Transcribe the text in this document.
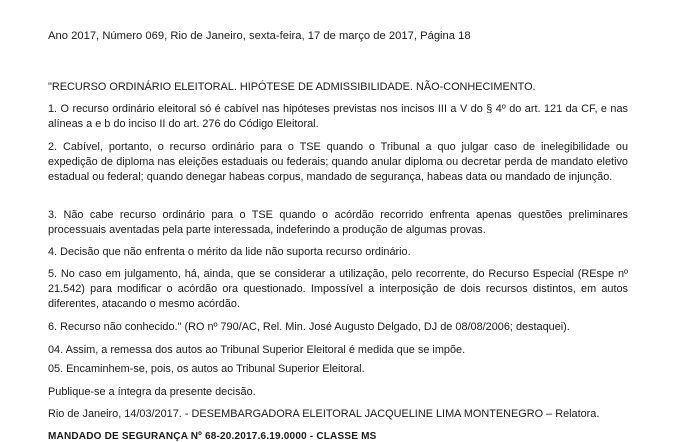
Ano 2017, Número 069, Rio de Janeiro, sexta-feira, 17 de março de 2017, Página 18
"RECURSO ORDINÁRIO ELEITORAL. HIPÓTESE DE ADMISSIBILIDADE. NÃO-CONHECIMENTO.
1. O recurso ordinário eleitoral só é cabível nas hipóteses previstas nos incisos III a V do § 4º do art. 121 da CF, e nas alíneas a e b do inciso II do art. 276 do Código Eleitoral.
2. Cabível, portanto, o recurso ordinário para o TSE quando o Tribunal a quo julgar caso de inelegibilidade ou expedição de diploma nas eleições estaduais ou federais; quando anular diploma ou decretar perda de mandato eletivo estadual ou federal; quando denegar habeas corpus, mandado de segurança, habeas data ou mandado de injunção.
3. Não cabe recurso ordinário para o TSE quando o acórdão recorrido enfrenta apenas questões preliminares processuais aventadas pela parte interessada, indeferindo a produção de algumas provas.
4. Decisão que não enfrenta o mérito da lide não suporta recurso ordinário.
5. No caso em julgamento, há, ainda, que se considerar a utilização, pelo recorrente, do Recurso Especial (REspe nº 21.542) para modificar o acórdão ora questionado. Impossível a interposição de dois recursos distintos, em autos diferentes, atacando o mesmo acórdão.
6. Recurso não conhecido." (RO nº 790/AC, Rel. Min. José Augusto Delgado, DJ de 08/08/2006; destaquei).
04. Assim, a remessa dos autos ao Tribunal Superior Eleitoral é medida que se impõe.
05. Encaminhem-se, pois, os autos ao Tribunal Superior Eleitoral.
Publique-se a íntegra da presente decisão.
Rio de Janeiro, 14/03/2017. - DESEMBARGADORA ELEITORAL JACQUELINE LIMA MONTENEGRO – Relatora.
MANDADO DE SEGURANÇA Nº 68-20.2017.6.19.0000 - CLASSE MS
